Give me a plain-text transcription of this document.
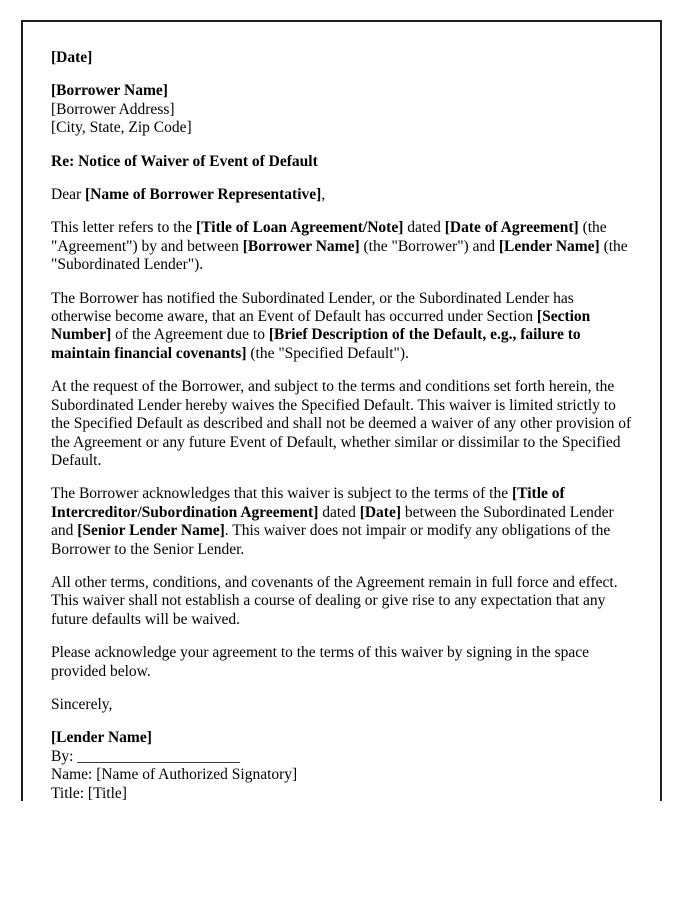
[Date]

[Borrower Name]
[Borrower Address]
[City, State, Zip Code]

Re: Notice of Waiver of Event of Default

Dear [Name of Borrower Representative],

This letter refers to the [Title of Loan Agreement/Note] dated [Date of Agreement] (the "Agreement") by and between [Borrower Name] (the "Borrower") and [Lender Name] (the "Subordinated Lender").

The Borrower has notified the Subordinated Lender, or the Subordinated Lender has otherwise become aware, that an Event of Default has occurred under Section [Section Number] of the Agreement due to [Brief Description of the Default, e.g., failure to maintain financial covenants] (the "Specified Default").

At the request of the Borrower, and subject to the terms and conditions set forth herein, the Subordinated Lender hereby waives the Specified Default. This waiver is limited strictly to the Specified Default as described and shall not be deemed a waiver of any other provision of the Agreement or any future Event of Default, whether similar or dissimilar to the Specified Default.

The Borrower acknowledges that this waiver is subject to the terms of the [Title of Intercreditor/Subordination Agreement] dated [Date] between the Subordinated Lender and [Senior Lender Name]. This waiver does not impair or modify any obligations of the Borrower to the Senior Lender.

All other terms, conditions, and covenants of the Agreement remain in full force and effect. This waiver shall not establish a course of dealing or give rise to any expectation that any future defaults will be waived.

Please acknowledge your agreement to the terms of this waiver by signing in the space provided below.

Sincerely,

[Lender Name]
By: _____________________
Name: [Name of Authorized Signatory]
Title: [Title]
